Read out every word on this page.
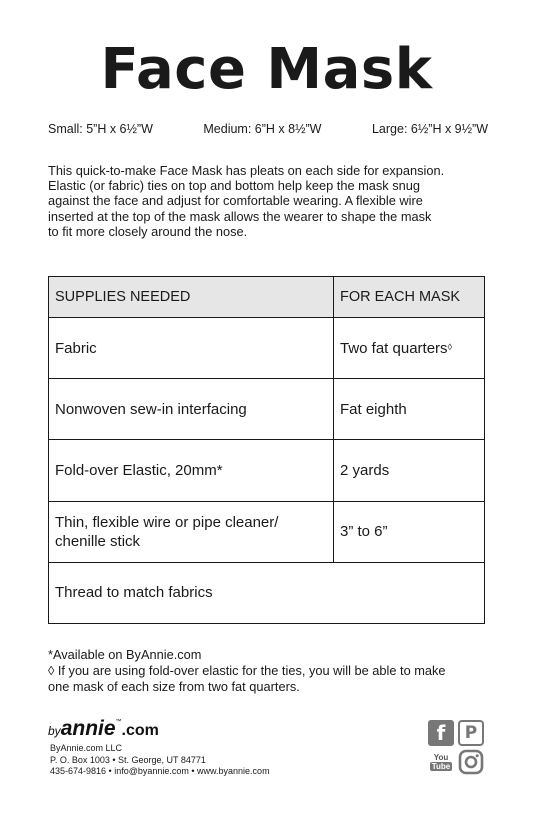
Face Mask
Small: 5”H x 6½”W	Medium: 6”H x 8½”W	Large: 6½”H x 9½”W
This quick-to-make Face Mask has pleats on each side for expansion.
Elastic (or fabric) ties on top and bottom help keep the mask snug
against the face and adjust for comfortable wearing. A flexible wire
inserted at the top of the mask allows the wearer to shape the mask
to fit more closely around the nose.
SUPPLIES NEEDED	FOR EACH MASK
Fabric	Two fat quarters◊
Nonwoven sew-in interfacing	Fat eighth
Fold-over Elastic, 20mm*	2 yards

Thin, flexible wire or pipe cleaner/
chenille stick	3” to 6”
Thread to match fabrics	
*Available on ByAnnie.com
◊ If you are using fold-over elastic for the ties, you will be able to make
one mask of each size from two fat quarters.
by annie ™ .com
ByAnnie.com LLC
P. O. Box 1003 • St. George, UT 84771
435-674-9816 • info@byannie.com • www.byannie.com
f	P
You
Tube
